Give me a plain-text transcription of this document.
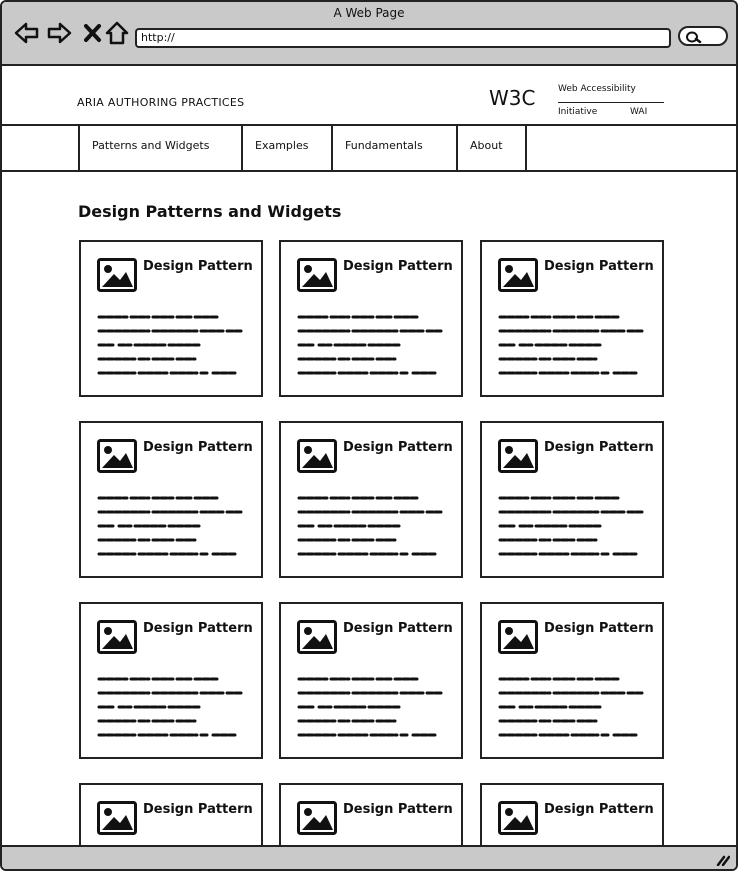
A Web Page
http://
ARIA AUTHORING PRACTICES	W3C	Web Accessibility
Initiative	WAI
Patterns and Widgets	Examples	Fundamentals	About
Design Patterns and Widgets
Design Pattern	Design Pattern	Design Pattern
Design Pattern	Design Pattern	Design Pattern
Design Pattern	Design Pattern	Design Pattern
Design Pattern	Design Pattern	Design Pattern
